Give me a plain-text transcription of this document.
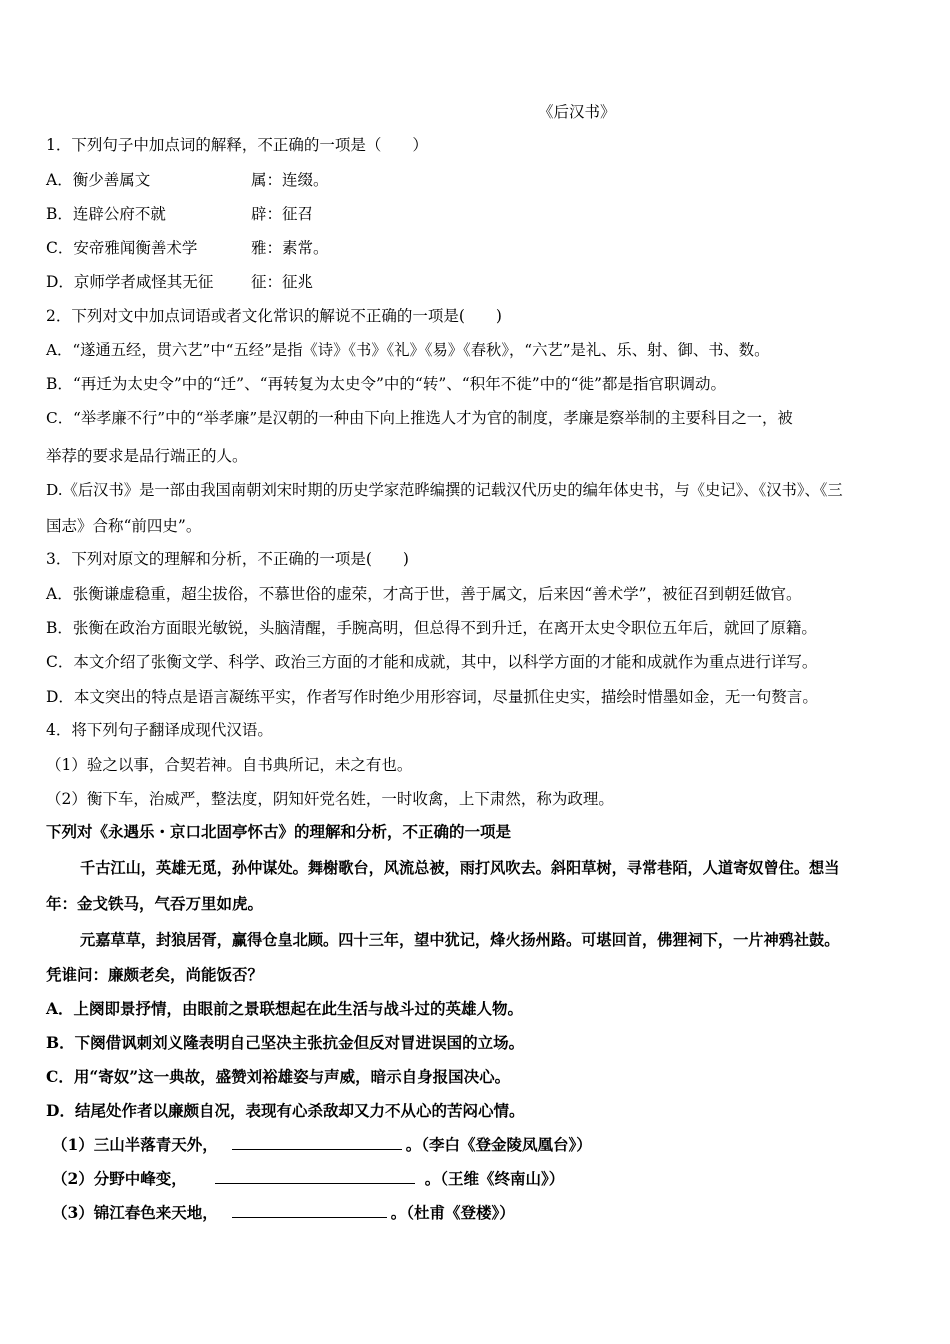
《后汉书》
1．下列句子中加点词的解释，不正确的一项是（　　）
A．衡少善属文	属：连缀。
B．连辟公府不就	辟：征召
C．安帝雅闻衡善术学	雅：素常。
D．京师学者咸怪其无征 征：征兆
2．下列对文中加点词语或者文化常识的解说不正确的一项是(　　)
A．“遂通五经，贯六艺”中“五经”是指《诗》《书》《礼》《易》《春秋》，“六艺”是礼、乐、射、御、书、数。
B．“再迁为太史令”中的“迁”、“再转复为太史令”中的“转”、“积年不徙”中的“徙”都是指官职调动。
C．“举孝廉不行”中的“举孝廉”是汉朝的一种由下向上推选人才为官的制度，孝廉是察举制的主要科目之一，被
举荐的要求是品行端正的人。
D.《后汉书》是一部由我国南朝刘宋时期的历史学家范晔编撰的记载汉代历史的编年体史书，与《史记》、《汉书》、《三
国志》合称“前四史”。
3．下列对原文的理解和分析，不正确的一项是(　　)
A．张衡谦虚稳重，超尘拔俗，不慕世俗的虚荣，才高于世，善于属文，后来因“善术学”，被征召到朝廷做官。
B．张衡在政治方面眼光敏锐，头脑清醒，手腕高明，但总得不到升迁，在离开太史令职位五年后，就回了原籍。
C．本文介绍了张衡文学、科学、政治三方面的才能和成就，其中，以科学方面的才能和成就作为重点进行详写。
D．本文突出的特点是语言凝练平实，作者写作时绝少用形容词，尽量抓住史实，描绘时惜墨如金，无一句赘言。
4．将下列句子翻译成现代汉语。
（1）验之以事，合契若神。自书典所记，未之有也。
（2）衡下车，治威严，整法度，阴知奸党名姓，一时收禽，上下肃然，称为政理。
下列对《永遇乐・京口北固亭怀古》的理解和分析，不正确的一项是
千古江山，英雄无觅，孙仲谋处。舞榭歌台，风流总被，雨打风吹去。斜阳草树，寻常巷陌，人道寄奴曾住。想当
年：金戈铁马，气吞万里如虎。
元嘉草草，封狼居胥，赢得仓皇北顾。四十三年，望中犹记，烽火扬州路。可堪回首，佛狸祠下，一片神鸦社鼓。
凭谁问：廉颇老矣，尚能饭否？
A．上阕即景抒情，由眼前之景联想起在此生活与战斗过的英雄人物。
B．下阕借讽刺刘义隆表明自己坚决主张抗金但反对冒进误国的立场。
C．用“寄奴”这一典故，盛赞刘裕雄姿与声威，暗示自身报国决心。
D．结尾处作者以廉颇自况，表现有心杀敌却又力不从心的苦闷心情。
（1）三山半落青天外，	。（李白《登金陵凤凰台》）
（2）分野中峰变，	。（王维《终南山》）
（3）锦江春色来天地，	。（杜甫《登楼》）
